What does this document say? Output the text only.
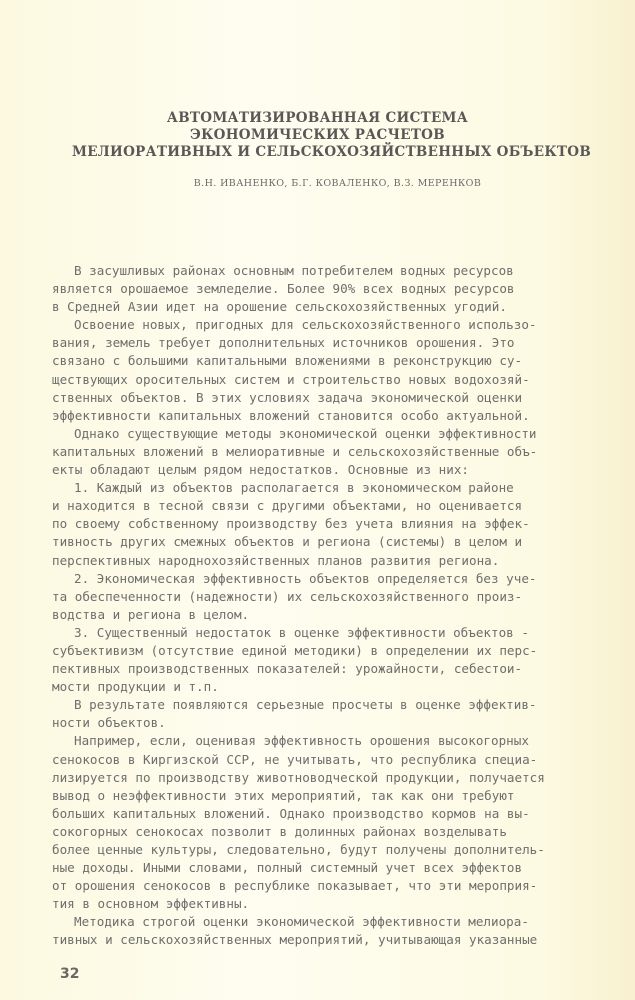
АВТОМАТИЗИРОВАННАЯ СИСТЕМА
ЭКОНОМИЧЕСКИХ РАСЧЕТОВ
МЕЛИОРАТИВНЫХ И СЕЛЬСКОХОЗЯЙСТВЕННЫХ ОБЪЕКТОВ
В.Н. ИВАНЕНКО, Б.Г. КОВАЛЕНКО, В.З. МЕРЕНКОВ
В засушливых районах основным потребителем водных ресурсов
является орошаемое земледелие. Более 90% всех водных ресурсов
в Средней Азии идет на орошение сельскохозяйственных угодий.
Освоение новых, пригодных для сельскохозяйственного использо-
вания, земель требует дополнительных источников орошения. Это
связано с большими капитальными вложениями в реконструкцию су-
ществующих оросительных систем и строительство новых водохозяй-
ственных объектов. В этих условиях задача экономической оценки
эффективности капитальных вложений становится особо актуальной.
Однако существующие методы экономической оценки эффективности
капитальных вложений в мелиоративные и сельскохозяйственные объ-
екты обладают целым рядом недостатков. Основные из них:
1. Каждый из объектов располагается в экономическом районе
и находится в тесной связи с другими объектами, но оценивается
по своему собственному производству без учета влияния на эффек-
тивность других смежных объектов и региона (системы) в целом и
перспективных народнохозяйственных планов развития региона.
2. Экономическая эффективность объектов определяется без уче-
та обеспеченности (надежности) их сельскохозяйственного произ-
водства и региона в целом.
3. Существенный недостаток в оценке эффективности объектов -
субъективизм (отсутствие единой методики) в определении их перс-
пективных производственных показателей: урожайности, себестои-
мости продукции и т.п.
В результате появляются серьезные просчеты в оценке эффектив-
ности объектов.
Например, если, оценивая эффективность орошения высокогорных
сенокосов в Киргизской ССР, не учитывать, что республика специа-
лизируется по производству животноводческой продукции, получается
вывод о неэффективности этих мероприятий, так как они требуют
больших капитальных вложений. Однако производство кормов на вы-
сокогорных сенокосах позволит в долинных районах возделывать
более ценные культуры, следовательно, будут получены дополнитель-
ные доходы. Иными словами, полный системный учет всех эффектов
от орошения сенокосов в республике показывает, что эти мероприя-
тия в основном эффективны.
Методика строгой оценки экономической эффективности мелиора-
тивных и сельскохозяйственных мероприятий, учитывающая указанные
32
